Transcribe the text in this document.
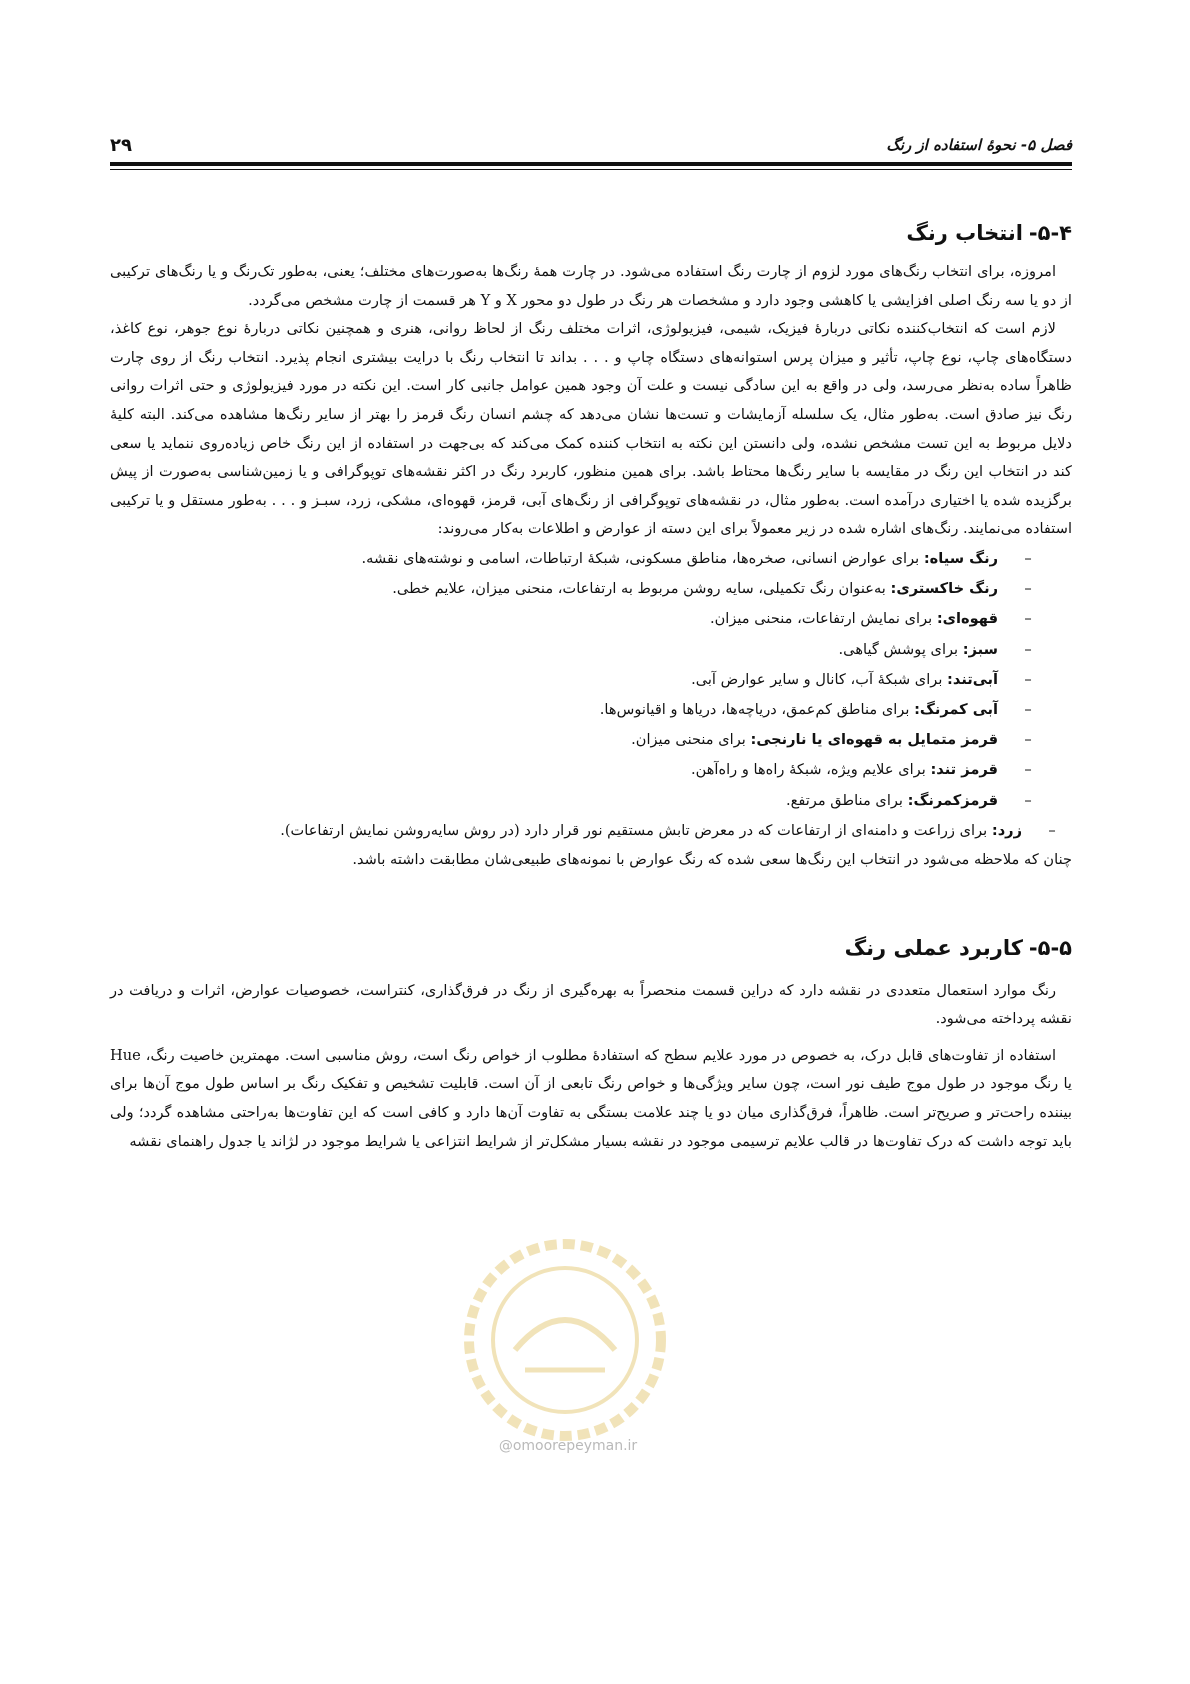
فصل ۵- نحوهٔ استفاده از رنگ
۲۹
۵-۴-
انتخاب رنگ

امروزه، برای انتخاب رنگ‌های مورد لزوم از چارت رنگ استفاده می‌شود. در چارت همهٔ رنگ‌ها به‌صورت‌های مختلف؛ یعنی، به‌طور تک‌رنگ و یا رنگ‌های ترکیبی از دو یا سه رنگ اصلی افزایشی یا کاهشی وجود دارد و مشخصات هر رنگ در طول دو محور X و Y هر قسمت از چارت مشخص می‌گردد.

لازم است که انتخاب‌کننده نکاتی دربارهٔ فیزیک، شیمی، فیزیولوژی، اثرات مختلف رنگ از لحاظ روانی، هنری و همچنین نکاتی دربارهٔ نوع جوهر، نوع کاغذ، دستگاه‌های چاپ، نوع چاپ، تأثیر و میزان پرس استوانه‌های دستگاه چاپ و . . . بداند تا انتخاب رنگ با درایت بیشتری انجام پذیرد. انتخاب رنگ از روی چارت ظاهراً ساده به‌نظر می‌رسد، ولی در واقع به این سادگی نیست و علت آن وجود همین عوامل جانبی کار است. این نکته در مورد فیزیولوژی و حتی اثرات روانی رنگ نیز صادق است. به‌طور مثال، یک سلسله آزمایشات و تست‌ها نشان می‌دهد که چشم انسان رنگ قرمز را بهتر از سایر رنگ‌ها مشاهده می‌کند. البته کلیهٔ دلایل مربوط به این تست مشخص نشده، ولی دانستن این نکته به انتخاب کننده کمک می‌کند که بی‌جهت در استفاده از این رنگ خاص زیاده‌روی ننماید یا سعی کند در انتخاب این رنگ در مقایسه با سایر رنگ‌ها محتاط باشد. برای همین منظور، کاربرد رنگ در اکثر نقشه‌های توپوگرافی و یا زمین‌شناسی به‌صورت از پیش برگزیده شده یا اختیاری درآمده است. به‌طور مثال، در نقشه‌های توپوگرافی از رنگ‌های آبی، قرمز، قهوه‌ای، مشکی، زرد، سبـز و . . . به‌طور مستقل و یا ترکیبی استفاده می‌نمایند. رنگ‌های اشاره شده در زیر معمولاً برای این دسته از عوارض و اطلاعات به‌کار می‌روند:

–
رنگ سیاه: برای عوارض انسانی، صخره‌ها، مناطق مسکونی، شبکهٔ ارتباطات، اسامی و نوشته‌های نقشه.
–
رنگ خاکستری: به‌عنوان رنگ تکمیلی، سایه روشن مربوط به ارتفاعات، منحنی میزان، علایم خطی.
–
قهوه‌ای: برای نمایش ارتفاعات، منحنی میزان.
–
سبز: برای پوشش گیاهی.
–
آبی‌تند: برای شبکهٔ آب، کانال و سایر عوارض آبی.
–
آبی کمرنگ: برای مناطق کم‌عمق، دریاچه‌ها، دریاها و اقیانوس‌ها.
–
قرمز متمایل به قهوه‌ای یا نارنجی: برای منحنی میزان.
–
قرمز تند: برای علایم ویژه، شبکهٔ راه‌ها و راه‌آهن.
–
قرمزکمرنگ: برای مناطق مرتفع.
–
زرد: برای زراعت و دامنه‌ای از ارتفاعات که در معرض تابش مستقیم نور قرار دارد (در روش سایه‌روشن نمایش ارتفاعات).

چنان که ملاحظه می‌شود در انتخاب این رنگ‌ها سعی شده که رنگ عوارض با نمونه‌های طبیعی‌شان مطابقت داشته باشد.

۵-۵-
کاربرد عملی رنگ

رنگ موارد استعمال متعددی در نقشه دارد که دراین قسمت منحصراً به بهره‌گیری از رنگ در فرق‌گذاری، کنتراست، خصوصیات عوارض، اثرات و دریافت در نقشه پرداخته می‌شود.

استفاده از تفاوت‌های قابل درک، به خصوص در مورد علایم سطح که استفادهٔ مطلوب از خواص رنگ است، روش مناسبی است. مهمترین خاصیت رنگ، Hue یا رنگ موجود در طول موج طیف نور است، چون سایر ویژگی‌ها و خواص رنگ تابعی از آن است. قابلیت تشخیص و تفکیک رنگ بر اساس طول موج آن‌ها برای بیننده راحت‌تر و صریح‌تر است. ظاهراً، فرق‌گذاری میان دو یا چند علامت بستگی به تفاوت آن‌ها دارد و کافی است که این تفاوت‌ها به‌راحتی مشاهده گردد؛ ولی باید توجه داشت که درک تفاوت‌ها در قالب علایم ترسیمی موجود در نقشه بسیار مشکل‌تر از شرایط انتزاعی یا شرایط موجود در لژاند یا جدول راهنمای نقشه

@omoorepeyman.ir
